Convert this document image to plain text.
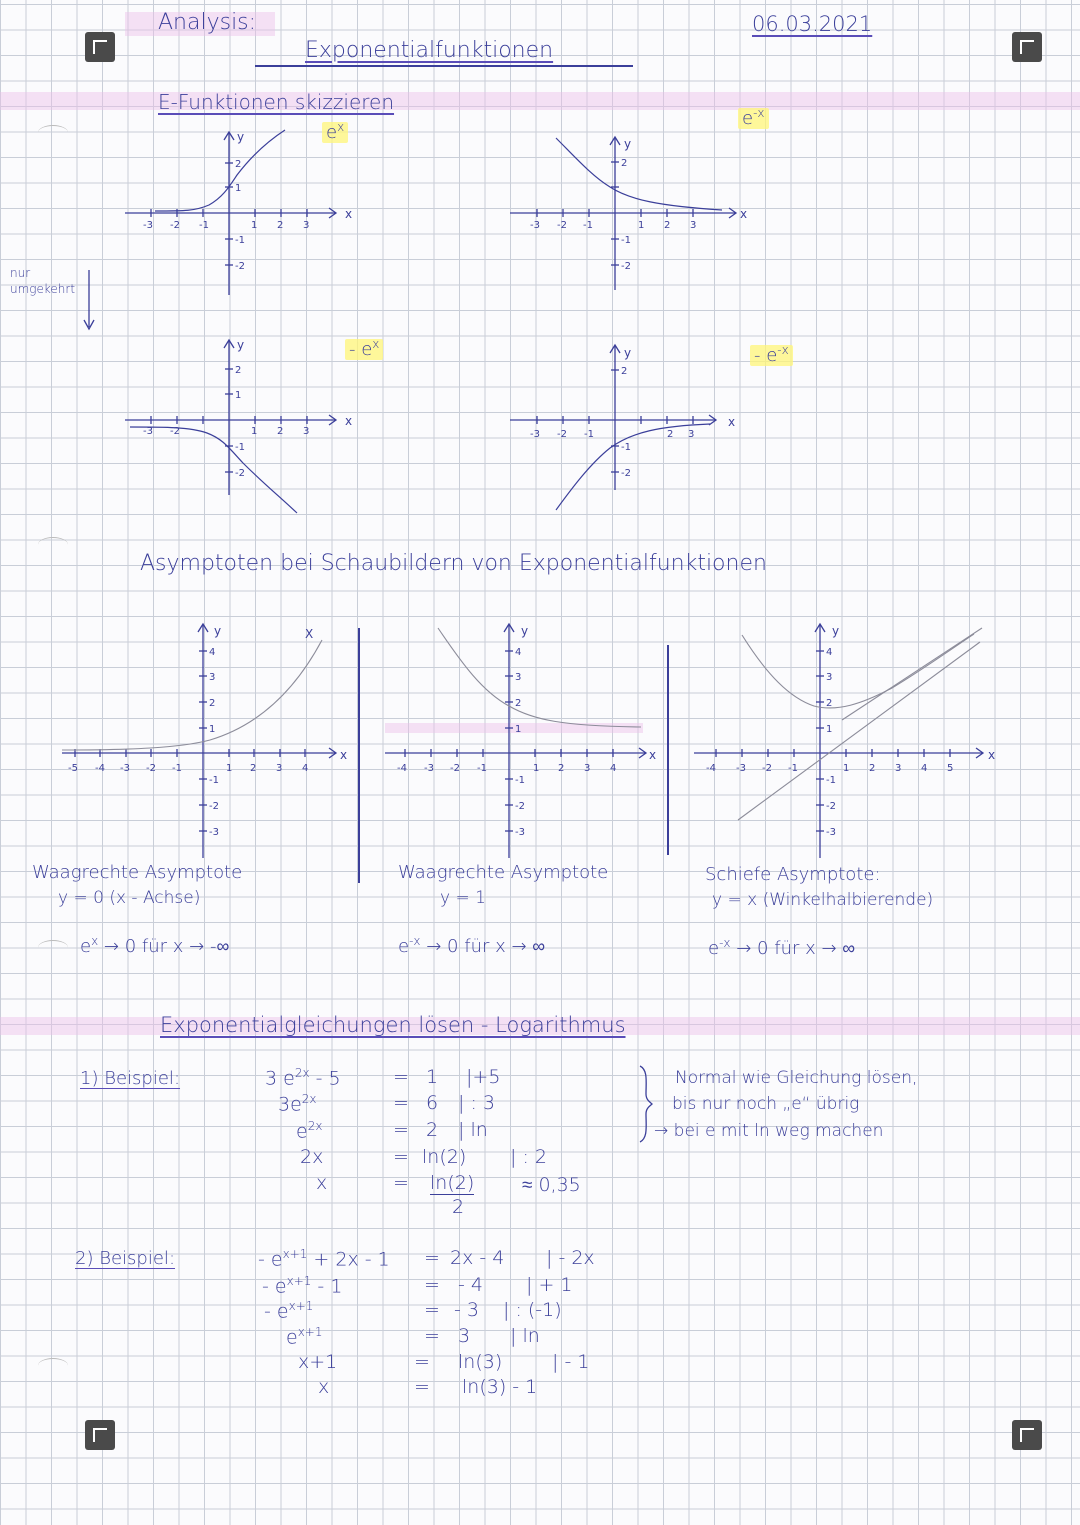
Analysis:
Exponentialfunktionen
06.03.2021
E-Funktionen skizzieren
nur umgekehrt
$e^x$	$e^{-x}$
- $e^x$
- $e^{-x}$
-3 -2 -1	1 2 3
2
1
-1
-2
x
y
-3 -2 -1	1 2 3
2
-1
-2
x
y
-3 -2	1 2 3
2
1
-1
-2
x
y
-3 -2 -1	2 3
2
-1
-2
x
y
Asymptoten bei Schaubildern von Exponentialfunktionen
-5 -4 -3 -2 -1	1 2 3 4
4
3
2
1
-1
-2
-3
x
y	X
-4 -3 -2 -1	1 2 3 4
4
3
2
1
-1
-2
-3
x
y
-4 -3 -2 -1	1 2 3 4 5
4
3
2
1
-1
-2
-3
x
y
Waagrechte Asymptote
y = 0 (x - Achse)
$e^x \to 0$ für x → -∞
Waagrechte Asymptote
y = 1
$e^{-x} \to 0$ für x → ∞
Schiefe Asymptote:
y = x (Winkelhalbierende)
$e^{-x} \to 0$ für x → ∞
Exponentialgleichungen lösen - Logarithmus
1) Beispiel:	3 $e^{2x} - 5$	= 1 |+5
$3e^{2x}$	= 6 | : 3
$e^{2x}$	= 2 | ln
2x	= ln(2) | : 2
x	= ln(2)
2
≈ 0,35
Normal wie Gleichung lösen,
bis nur noch „e“ übrig
→ bei e mit ln weg machen
2) Beispiel:	- $e^{x+1} + 2x - 1 = 2x - 4$ | - 2x
- $e^{x+1} - 1$	= - 4 | + 1
- $e^{x+1}$	= - 3 | : (-1)
$e^{x+1}$	= 3 | ln
x+1	= ln(3)	| - 1
x	= ln(3) - 1
